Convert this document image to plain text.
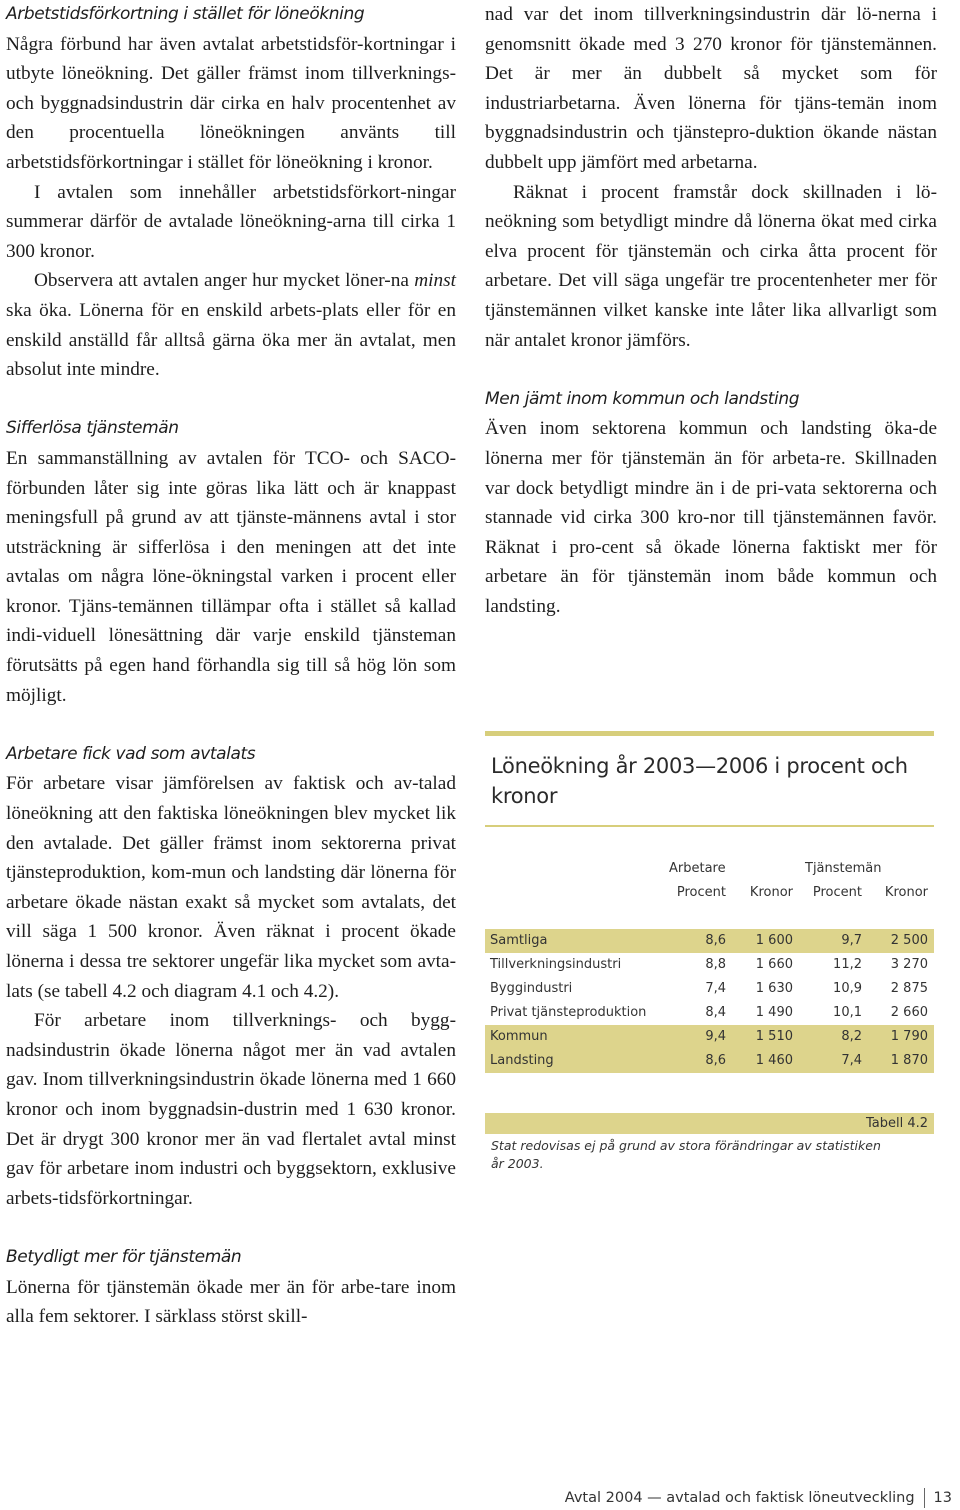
Arbetstidsförkortning i stället för löneökning

Några förbund har även avtalat arbetstidsför-kortningar i utbyte löneökning. Det gäller främst inom tillverknings- och byggnadsindustrin där cirka en halv procentenhet av den procentuella löneökningen använts till arbetstidsförkortningar i stället för löneökning i kronor.

I avtalen som innehåller arbetstidsförkort-ningar summerar därför de avtalade löneökning-arna till cirka 1 300 kronor.

Observera att avtalen anger hur mycket löner-na minst ska öka. Lönerna för en enskild arbets-plats eller för en enskild anställd får alltså gärna öka mer än avtalat, men absolut inte mindre.

Sifferlösa tjänstemän

En sammanställning av avtalen för TCO- och SACO-förbunden låter sig inte göras lika lätt och är knappast meningsfull på grund av att tjänste-männens avtal i stor utsträckning är sifferlösa i den meningen att det inte avtalas om några löne-ökningstal varken i procent eller kronor. Tjäns-temännen tillämpar ofta i stället så kallad indi-viduell lönesättning där varje enskild tjänsteman förutsätts på egen hand förhandla sig till så hög lön som möjligt.

Arbetare fick vad som avtalats

För arbetare visar jämförelsen av faktisk och av-talad löneökning att den faktiska löneökningen blev mycket lik den avtalade. Det gäller främst inom sektorerna privat tjänsteproduktion, kom-mun och landsting där lönerna för arbetare ökade nästan exakt så mycket som avtalats, det vill säga 1 500 kronor. Även räknat i procent ökade lönerna i dessa tre sektorer ungefär lika mycket som avta-lats (se tabell 4.2 och diagram 4.1 och 4.2).

För arbetare inom tillverknings- och bygg-nadsindustrin ökade lönerna något mer än vad avtalen gav. Inom tillverkningsindustrin ökade lönerna med 1 660 kronor och inom byggnadsin-dustrin med 1 630 kronor. Det är drygt 300 kronor mer än vad flertalet avtal minst gav för arbetare inom industri och byggsektorn, exklusive arbets-tidsförkortningar.

Betydligt mer för tjänstemän

Lönerna för tjänstemän ökade mer än för arbe-tare inom alla fem sektorer. I särklass störst skill-

nad var det inom tillverkningsindustrin där lö-nerna i genomsnitt ökade med 3 270 kronor för tjänstemännen. Det är mer än dubbelt så mycket som för industriarbetarna. Även lönerna för tjäns-temän inom byggnadsindustrin och tjänstepro-duktion ökande nästan dubbelt upp jämfört med arbetarna.

Räknat i procent framstår dock skillnaden i lö-neökning som betydligt mindre då lönerna ökat med cirka elva procent för tjänstemän och cirka åtta procent för arbetare. Det vill säga ungefär tre procentenheter mer för tjänstemännen vilket kanske inte låter lika allvarligt som när antalet kronor jämförs.

Men jämt inom kommun och landsting

Även inom sektorena kommun och landsting öka-de lönerna mer för tjänstemän än för arbeta-re. Skillnaden var dock betydligt mindre än i de pri-vata sektorerna och stannade vid cirka 300 kro-nor till tjänstemännen favör. Räknat i pro-cent så ökade lönerna faktiskt mer för arbetare än för tjänstemän inom både kommun och landsting.

Löneökning år 2003—2006 i procent och kronor
Arbetare	Tjänstemän
Procent Kronor Procent Kronor
Samtliga	8,6 1 600	9,7 2 500
Tillverkningsindustri	8,8 1 660	11,2 3 270
Byggindustri	7,4 1 630	10,9 2 875
Privat tjänsteproduktion	8,4 1 490	10,1 2 660
Kommun	9,4 1 510	8,2 1 790
Landsting	8,6 1 460	7,4 1 870
Tabell 4.2
Stat redovisas ej på grund av stora förändringar av statistiken år 2003.
Avtal 2004 — avtalad och faktisk löneutveckling 13
